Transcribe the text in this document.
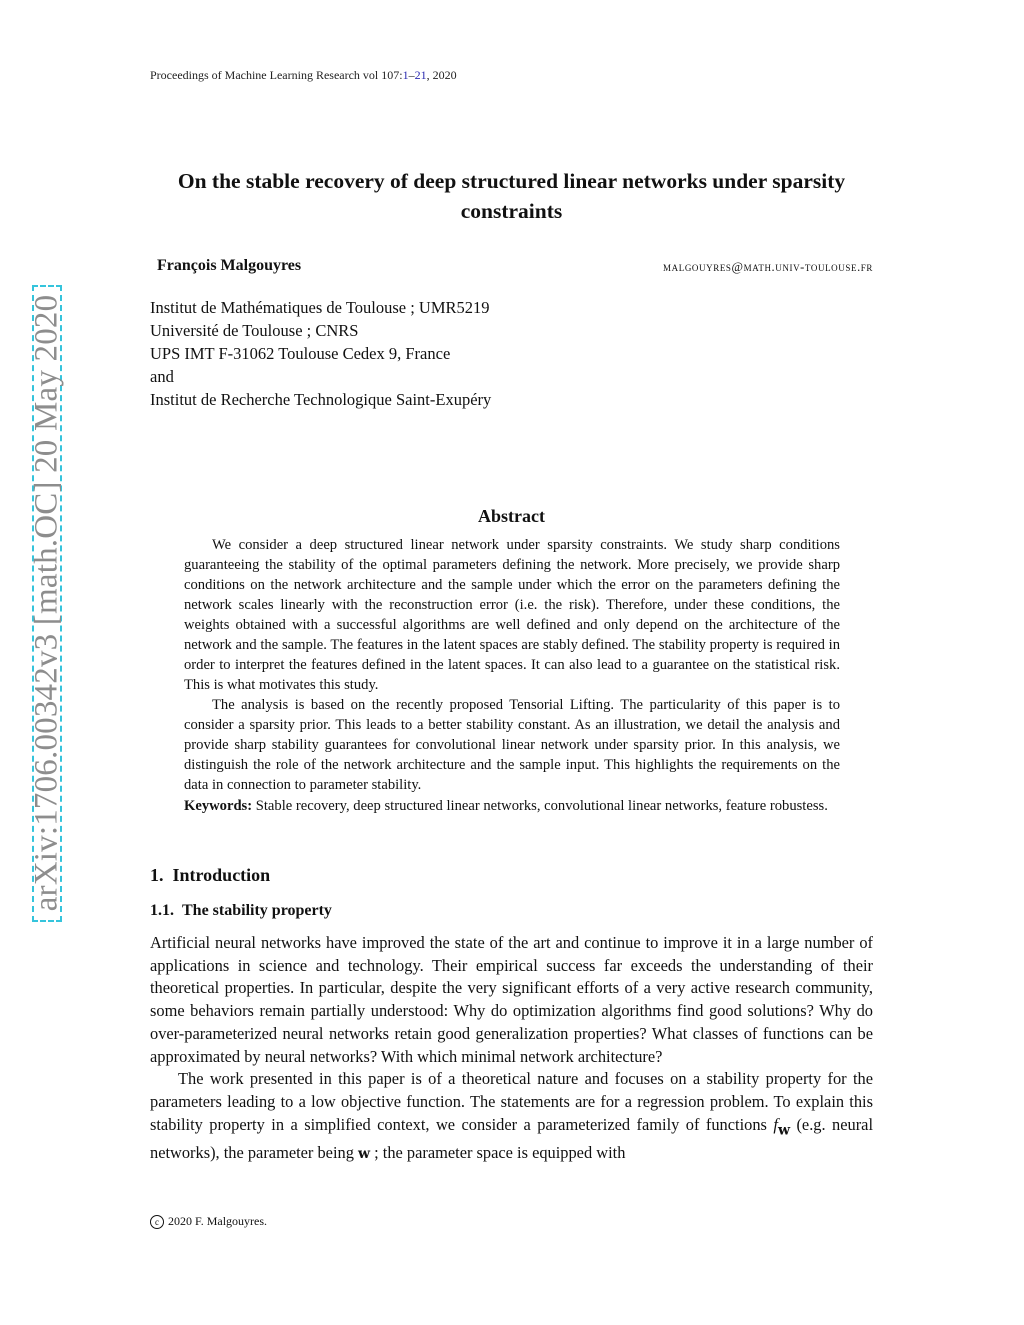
Proceedings of Machine Learning Research vol 107:1–21, 2020
arXiv:1706.00342v3 [math.OC] 20 May 2020
On the stable recovery of deep structured linear networks under sparsity constraints
François Malgouyres	malgouyres@math.univ-toulouse.fr
Institut de Mathématiques de Toulouse ; UMR5219
Université de Toulouse ; CNRS
UPS IMT F-31062 Toulouse Cedex 9, France
and
Institut de Recherche Technologique Saint-Exupéry
Abstract

We consider a deep structured linear network under sparsity constraints. We study sharp conditions guaranteeing the stability of the optimal parameters defining the network. More precisely, we provide sharp conditions on the network architecture and the sample under which the error on the parameters defining the network scales linearly with the reconstruction error (i.e. the risk). Therefore, under these conditions, the weights obtained with a successful algorithms are well defined and only depend on the architecture of the network and the sample. The features in the latent spaces are stably defined. The stability property is required in order to interpret the features defined in the latent spaces. It can also lead to a guarantee on the statistical risk. This is what motivates this study.

The analysis is based on the recently proposed Tensorial Lifting. The particularity of this paper is to consider a sparsity prior. This leads to a better stability constant. As an illustration, we detail the analysis and provide sharp stability guarantees for convolutional linear network under sparsity prior. In this analysis, we distinguish the role of the network architecture and the sample input. This highlights the requirements on the data in connection to parameter stability.

Keywords: Stable recovery, deep structured linear networks, convolutional linear networks, feature robustess.
1. Introduction
1.1. The stability property

Artificial neural networks have improved the state of the art and continue to improve it in a large number of applications in science and technology. Their empirical success far exceeds the understanding of their theoretical properties. In particular, despite the very significant efforts of a very active research community, some behaviors remain partially understood: Why do optimization algorithms find good solutions? Why do over-parameterized neural networks retain good generalization properties? What classes of functions can be approximated by neural networks? With which minimal network architecture?

The work presented in this paper is of a theoretical nature and focuses on a stability property for the parameters leading to a low objective function. The statements are for a regression problem. To explain this stability property in a simplified context, we consider a parameterized family of functions $f_w$ (e.g. neural networks), the parameter being w ; the parameter space is equipped with

c 2020 F. Malgouyres.
